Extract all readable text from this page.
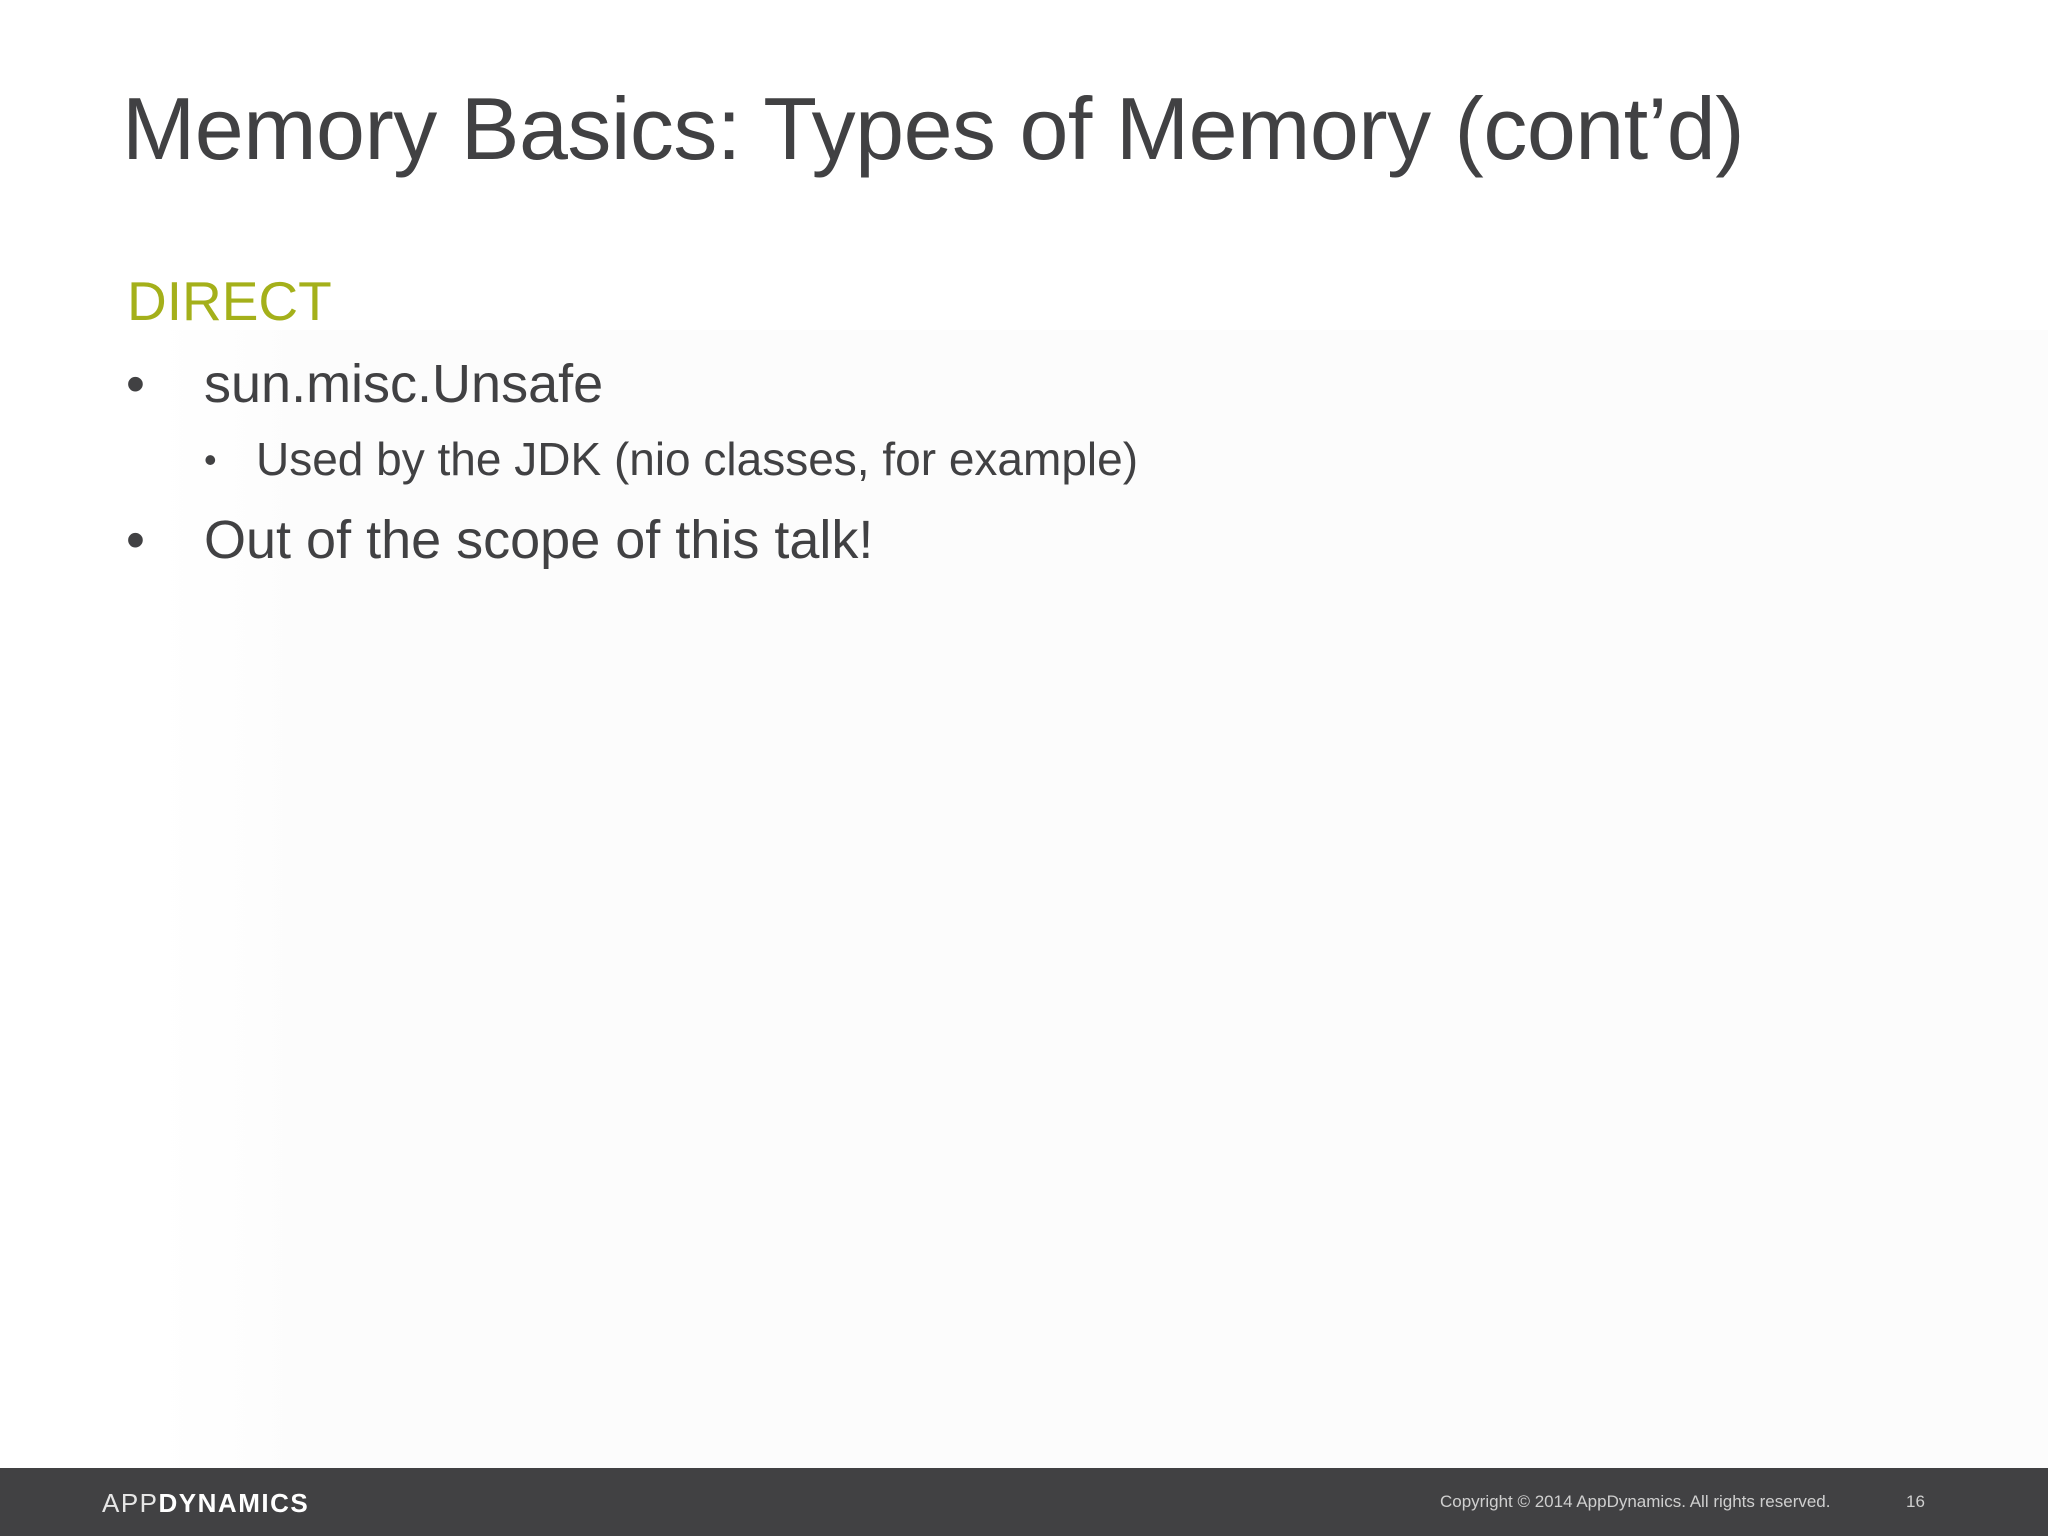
Memory Basics: Types of Memory (cont’d)
DIRECT
• sun.misc.Unsafe
• Used by the JDK (nio classes, for example)
• Out of the scope of this talk!
APPDYNAMICS	Copyright © 2014 AppDynamics. All rights reserved.	16
